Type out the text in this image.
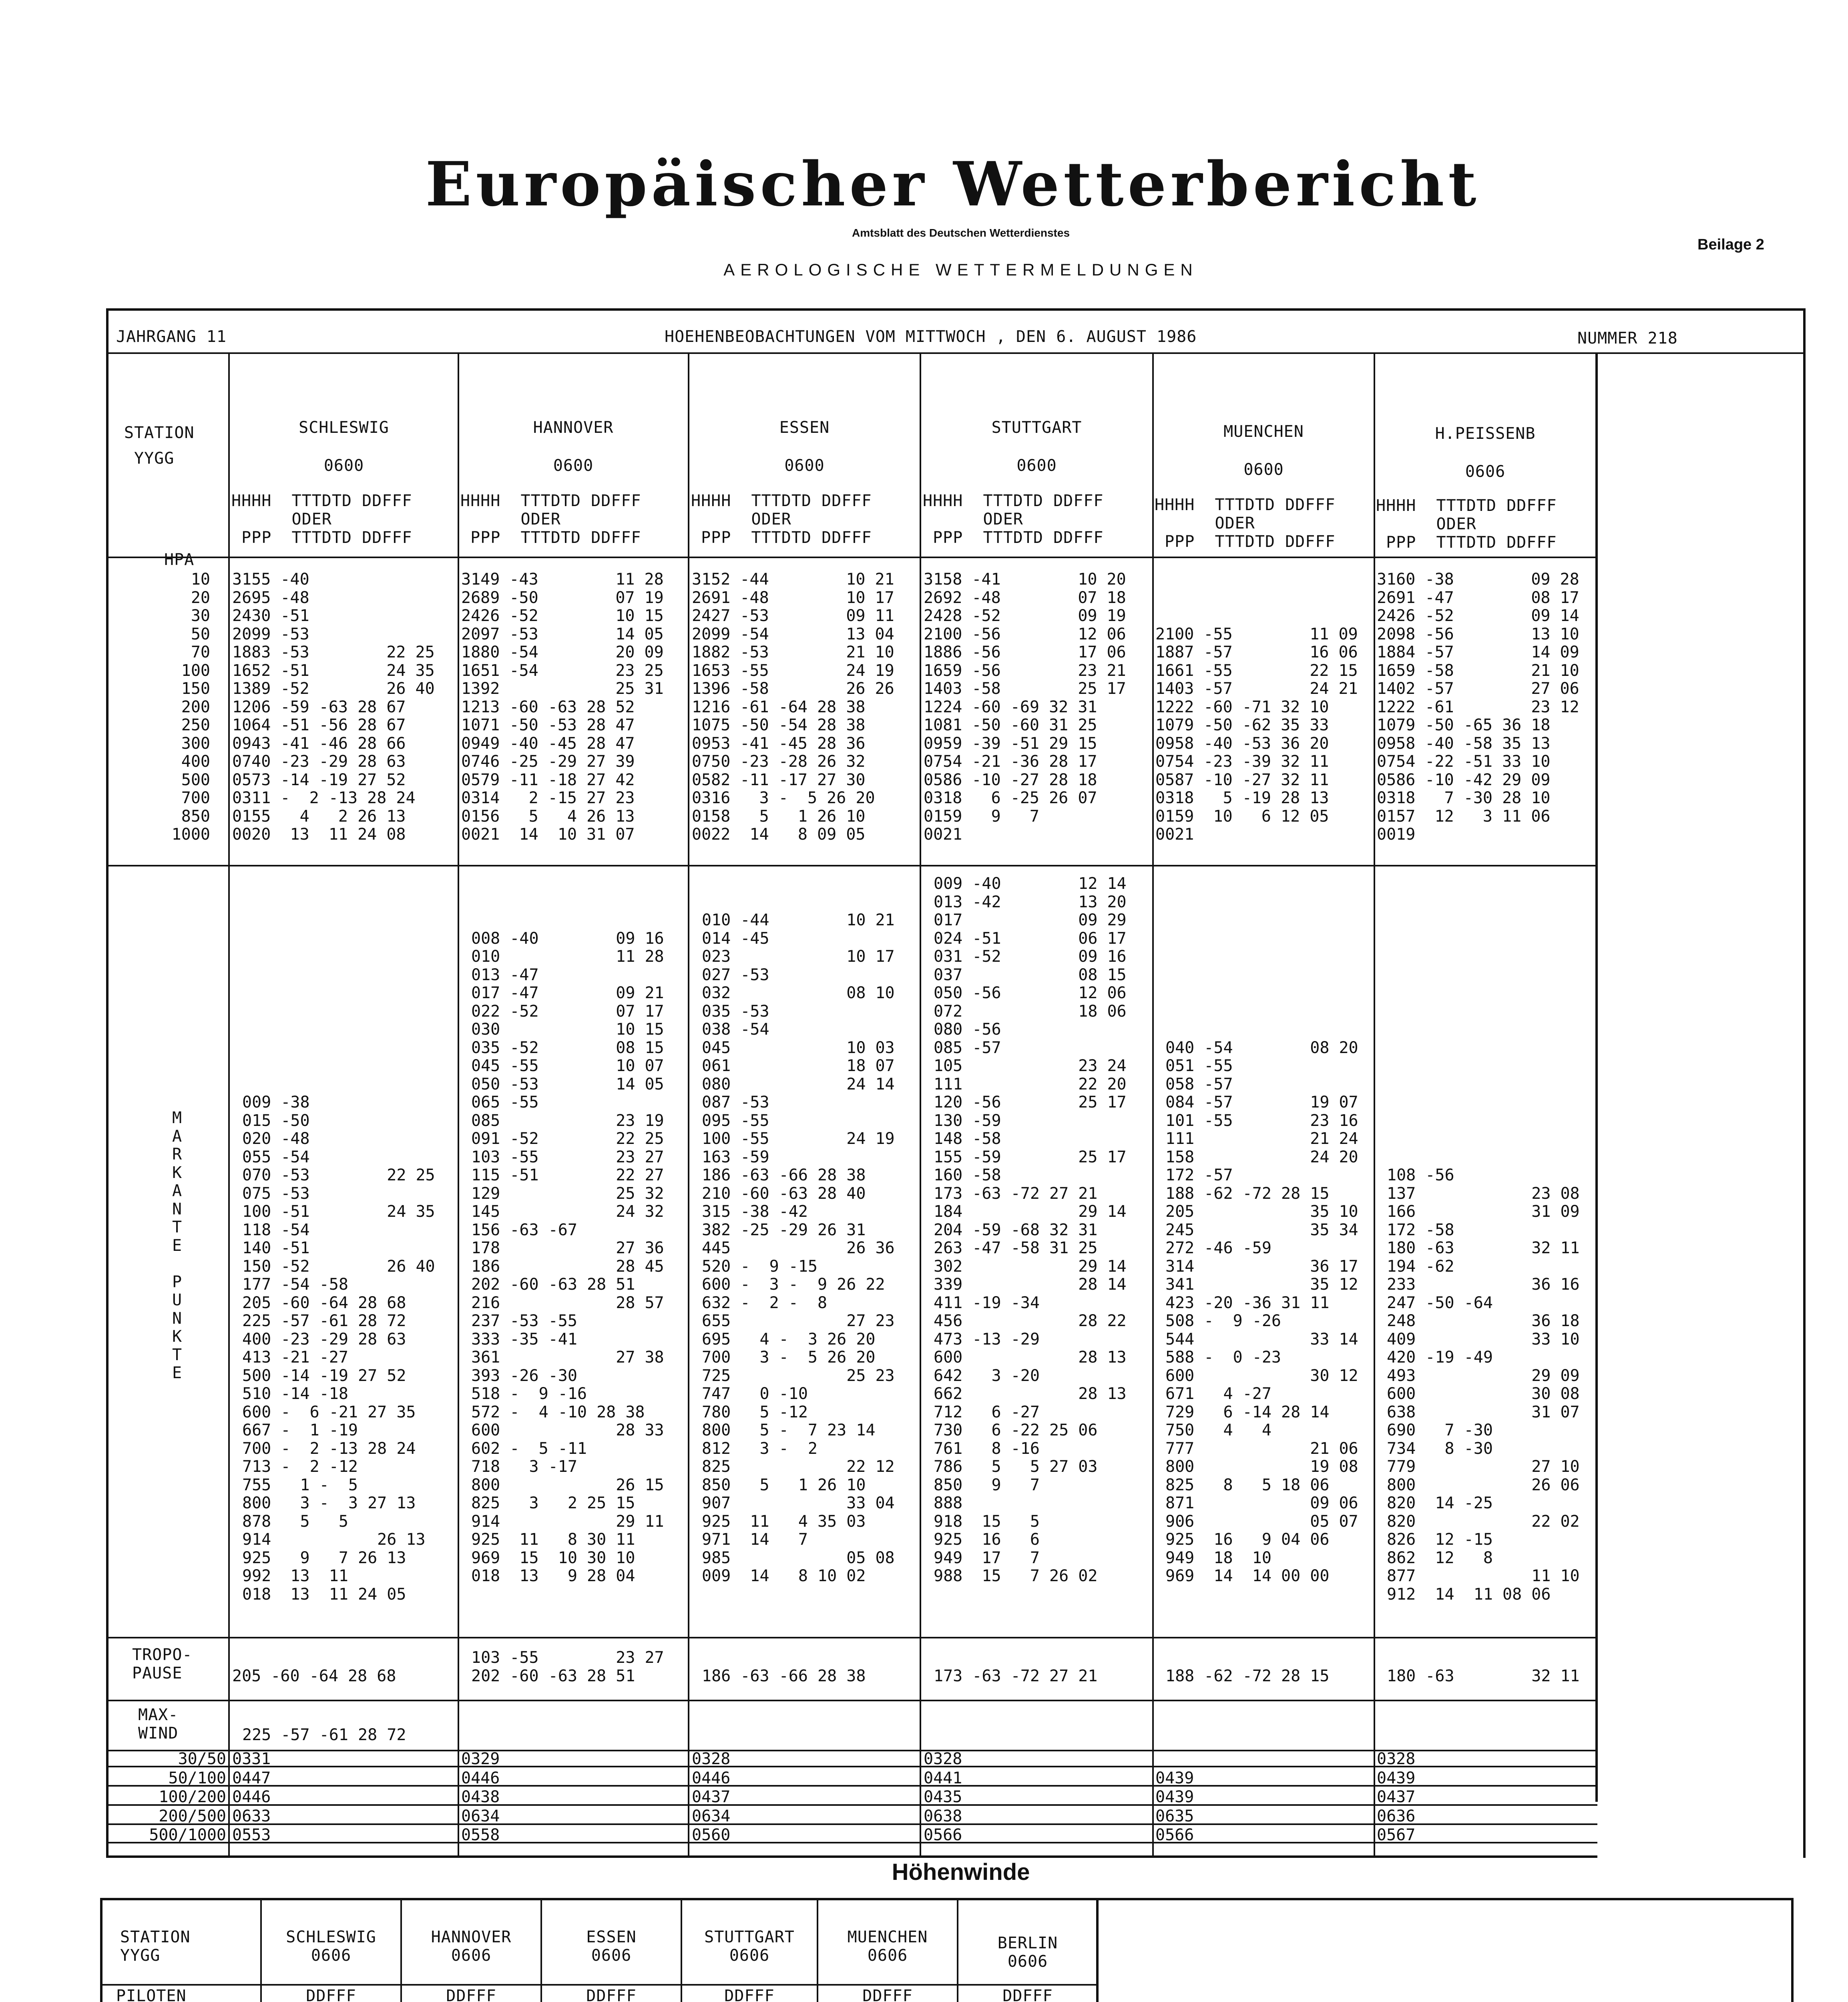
Europäischer Wetterbericht
Amtsblatt des Deutschen Wetterdienstes
Beilage 2
AEROLOGISCHE WETTERMELDUNGEN
JAHRGANG 11	HOEHENBEOBACHTUNGEN VOM MITTWOCH , DEN 6. AUGUST 1986	NUMMER 218
STATION
YYGG
HPA
10
20
30
50
70
100
150
200
250
300
400
500
700
850
1000
M
A
R
K
A
N
T
E

P
U
N
K
T
E
TROPO-
PAUSE
MAX-
WIND
30/50
50/100
100/200
200/500
500/1000
SCHLESWIG
0600
HHHH  TTTDTD DDFFF
ODER
PPP  TTTDTD DDFFF
3155 -40
2695 -48
2430 -51
2099 -53
1883 -53        22 25
1652 -51        24 35
1389 -52        26 40
1206 -59 -63 28 67
1064 -51 -56 28 67
0943 -41 -46 28 66
0740 -23 -29 28 63
0573 -14 -19 27 52
0311 -  2 -13 28 24
0155   4   2 26 13
0020  13  11 24 08

009 -38
015 -50
020 -48
055 -54
070 -53        22 25
075 -53
100 -51        24 35
118 -54
140 -51
150 -52        26 40
177 -54 -58
205 -60 -64 28 68
225 -57 -61 28 72
400 -23 -29 28 63
413 -21 -27
500 -14 -19 27 52
510 -14 -18
600 -  6 -21 27 35
667 -  1 -19
700 -  2 -13 28 24
713 -  2 -12
755   1 -  5
800   3 -  3 27 13
878   5   5
914           26 13
925   9   7 26 13
992  13  11
018  13  11 24 05

205 -60 -64 28 68

225 -57 -61 28 72
0331
0447
0446
0633
0553
HANNOVER
0600
HHHH  TTTDTD DDFFF
ODER
PPP  TTTDTD DDFFF
3149 -43        11 28
2689 -50        07 19
2426 -52        10 15
2097 -53        14 05
1880 -54        20 09
1651 -54        23 25
1392            25 31
1213 -60 -63 28 52
1071 -50 -53 28 47
0949 -40 -45 28 47
0746 -25 -29 27 39
0579 -11 -18 27 42
0314   2 -15 27 23
0156   5   4 26 13
0021  14  10 31 07

008 -40        09 16
010            11 28
013 -47
017 -47        09 21
022 -52        07 17
030            10 15
035 -52        08 15
045 -55        10 07
050 -53        14 05
065 -55
085            23 19
091 -52        22 25
103 -55        23 27
115 -51        22 27
129            25 32
145            24 32
156 -63 -67
178            27 36
186            28 45
202 -60 -63 28 51
216            28 57
237 -53 -55
333 -35 -41
361            27 38
393 -26 -30
518 -  9 -16
572 -  4 -10 28 38
600            28 33
602 -  5 -11
718   3 -17
800            26 15
825   3   2 25 15
914            29 11
925  11   8 30 11
969  15  10 30 10
018  13   9 28 04
103 -55        23 27
202 -60 -63 28 51
0329
0446
0438
0634
0558
ESSEN
0600
HHHH  TTTDTD DDFFF
ODER
PPP  TTTDTD DDFFF
3152 -44        10 21
2691 -48        10 17
2427 -53        09 11
2099 -54        13 04
1882 -53        21 10
1653 -55        24 19
1396 -58        26 26
1216 -61 -64 28 38
1075 -50 -54 28 38
0953 -41 -45 28 36
0750 -23 -28 26 32
0582 -11 -17 27 30
0316   3 -  5 26 20
0158   5   1 26 10
0022  14   8 09 05

010 -44        10 21
014 -45
023            10 17
027 -53
032            08 10
035 -53
038 -54
045            10 03
061            18 07
080            24 14
087 -53
095 -55
100 -55        24 19
163 -59
186 -63 -66 28 38
210 -60 -63 28 40
315 -38 -42
382 -25 -29 26 31
445            26 36
520 -  9 -15
600 -  3 -  9 26 22
632 -  2 -  8
655            27 23
695   4 -  3 26 20
700   3 -  5 26 20
725            25 23
747   0 -10
780   5 -12
800   5 -  7 23 14
812   3 -  2
825            22 12
850   5   1 26 10
907            33 04
925  11   4 35 03
971  14   7
985            05 08
009  14   8 10 02

186 -63 -66 28 38
0328
0446
0437
0634
0560
STUTTGART
0600
HHHH  TTTDTD DDFFF
ODER
PPP  TTTDTD DDFFF
3158 -41        10 20
2692 -48        07 18
2428 -52        09 19
2100 -56        12 06
1886 -56        17 06
1659 -56        23 21
1403 -58        25 17
1224 -60 -69 32 31
1081 -50 -60 31 25
0959 -39 -51 29 15
0754 -21 -36 28 17
0586 -10 -27 28 18
0318   6 -25 26 07
0159   9   7
0021
009 -40        12 14
013 -42        13 20
017            09 29
024 -51        06 17
031 -52        09 16
037            08 15
050 -56        12 06
072            18 06
080 -56
085 -57
105            23 24
111            22 20
120 -56        25 17
130 -59
148 -58
155 -59        25 17
160 -58
173 -63 -72 27 21
184            29 14
204 -59 -68 32 31
263 -47 -58 31 25
302            29 14
339            28 14
411 -19 -34
456            28 22
473 -13 -29
600            28 13
642   3 -20
662            28 13
712   6 -27
730   6 -22 25 06
761   8 -16
786   5   5 27 03
850   9   7
888
918  15   5
925  16   6
949  17   7
988  15   7 26 02

173 -63 -72 27 21
0328
0441
0435
0638
0566
MUENCHEN
0600
HHHH  TTTDTD DDFFF
ODER
PPP  TTTDTD DDFFF

2100 -55        11 09
1887 -57        16 06
1661 -55        22 15
1403 -57        24 21
1222 -60 -71 32 10
1079 -50 -62 35 33
0958 -40 -53 36 20
0754 -23 -39 32 11
0587 -10 -27 32 11
0318   5 -19 28 13
0159  10   6 12 05
0021

040 -54        08 20
051 -55
058 -57
084 -57        19 07
101 -55        23 16
111            21 24
158            24 20
172 -57
188 -62 -72 28 15
205            35 10
245            35 34
272 -46 -59
314            36 17
341            35 12
423 -20 -36 31 11
508 -  9 -26
544            33 14
588 -  0 -23
600            30 12
671   4 -27
729   6 -14 28 14
750   4   4
777            21 06
800            19 08
825   8   5 18 06
871            09 06
906            05 07
925  16   9 04 06
949  18  10
969  14  14 00 00

188 -62 -72 28 15

0439
0439
0635
0566
H.PEISSENB
0606
HHHH  TTTDTD DDFFF
ODER
PPP  TTTDTD DDFFF
3160 -38        09 28
2691 -47        08 17
2426 -52        09 14
2098 -56        13 10
1884 -57        14 09
1659 -58        21 10
1402 -57        27 06
1222 -61        23 12
1079 -50 -65 36 18
0958 -40 -58 35 13
0754 -22 -51 33 10
0586 -10 -42 29 09
0318   7 -30 28 10
0157  12   3 11 06
0019

108 -56
137            23 08
166            31 09
172 -58
180 -63        32 11
194 -62
233            36 16
247 -50 -64
248            36 18
409            33 10
420 -19 -49
493            29 09
600            30 08
638            31 07
690   7 -30
734   8 -30
779            27 10
800            26 06
820  14 -25
820            22 02
826  12 -15
862  12   8
877            11 10
912  14  11 08 06

180 -63        32 11
0328
0439
0437
0636
0567
Höhenwinde
STATION
YYGG
PILOTEN

SCHLESWIG
0606
DDFFF

HANNOVER
0606
DDFFF

ESSEN
0606
DDFFF

STUTTGART
0606
DDFFF

MUENCHEN
0606
DDFFF

BERLIN
0606
DDFFF
